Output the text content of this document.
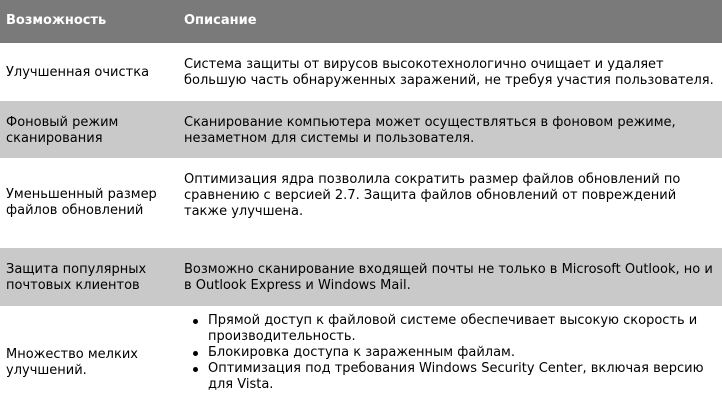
Возможность	Описание
Улучшенная очистка
Система защиты от вирусов высокотехнологично очищает и удаляет большую часть обнаруженных заражений, не требуя участия пользователя.
Фоновый режим сканирования
Сканирование компьютера может осуществляться в фоновом режиме, незаметном для системы и пользователя.
Уменьшенный размер файлов обновлений
Оптимизация ядра позволила сократить размер файлов обновлений по сравнению с версией 2.7. Защита файлов обновлений от повреждений также улучшена.
Защита популярных почтовых клиентов
Возможно сканирование входящей почты не только в Microsoft Outlook, но и в Outlook Express и Windows Mail.
Множество мелких улучшений.
Прямой доступ к файловой системе обеспечивает высокую скорость и производительность.
Блокировка доступа к зараженным файлам.
Оптимизация под требования Windows Security Center, включая версию для Vista.
